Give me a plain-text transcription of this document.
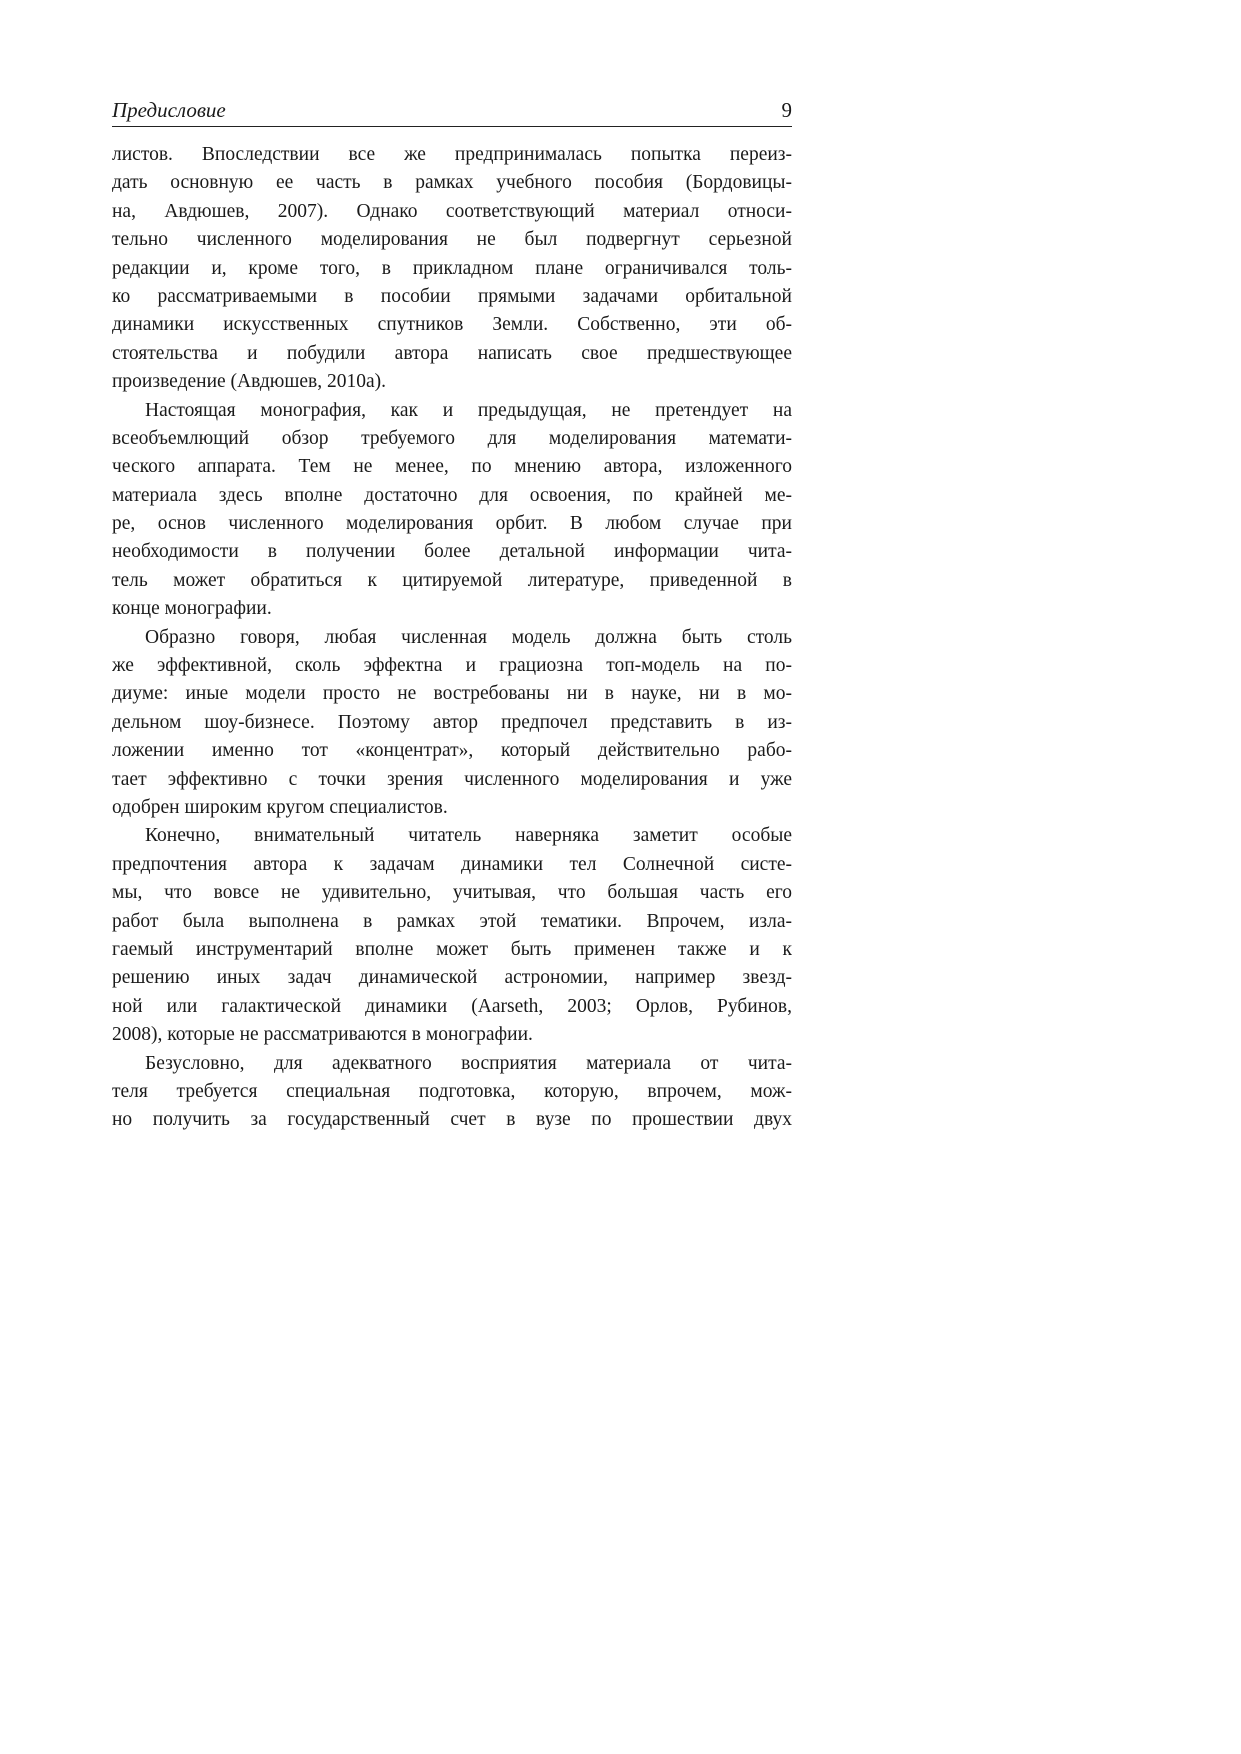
Предисловие	9
листов. Впоследствии все же предпринималась попытка переиз-
дать основную ее часть в рамках учебного пособия (Бордовицы-
на, Авдюшев, 2007). Однако соответствующий материал относи-
тельно численного моделирования не был подвергнут серьезной
редакции и, кроме того, в прикладном плане ограничивался толь-
ко рассматриваемыми в пособии прямыми задачами орбитальной
динамики искусственных спутников Земли. Собственно, эти об-
стоятельства и побудили автора написать свое предшествующее
произведение (Авдюшев, 2010a).
Настоящая монография, как и предыдущая, не претендует на
всеобъемлющий обзор требуемого для моделирования математи-
ческого аппарата. Тем не менее, по мнению автора, изложенного
материала здесь вполне достаточно для освоения, по крайней ме-
ре, основ численного моделирования орбит. В любом случае при
необходимости в получении более детальной информации чита-
тель может обратиться к цитируемой литературе, приведенной в
конце монографии.
Образно говоря, любая численная модель должна быть столь
же эффективной, сколь эффектна и грациозна топ-модель на по-
диуме: иные модели просто не востребованы ни в науке, ни в мо-
дельном шоу-бизнесе. Поэтому автор предпочел представить в из-
ложении именно тот «концентрат», который действительно рабо-
тает эффективно с точки зрения численного моделирования и уже
одобрен широким кругом специалистов.
Конечно, внимательный читатель наверняка заметит особые
предпочтения автора к задачам динамики тел Солнечной систе-
мы, что вовсе не удивительно, учитывая, что большая часть его
работ была выполнена в рамках этой тематики. Впрочем, изла-
гаемый инструментарий вполне может быть применен также и к
решению иных задач динамической астрономии, например звезд-
ной или галактической динамики (Aarseth, 2003; Орлов, Рубинов,
2008), которые не рассматриваются в монографии.
Безусловно, для адекватного восприятия материала от чита-
теля требуется специальная подготовка, которую, впрочем, мож-
но получить за государственный счет в вузе по прошествии двух
